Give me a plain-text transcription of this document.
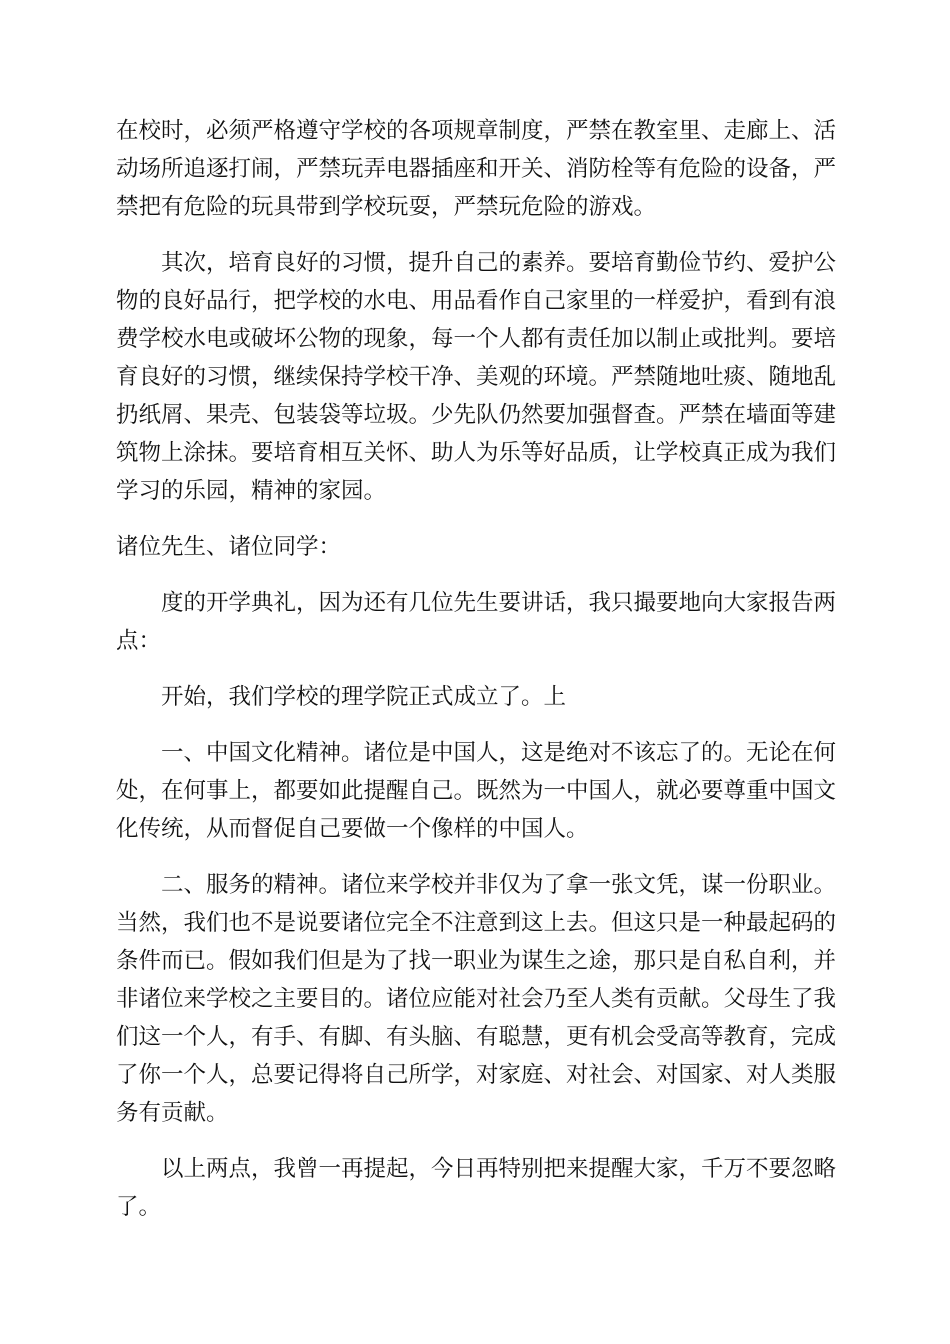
在校时，必须严格遵守学校的各项规章制度，严禁在教室里、走廊上、活动场所追逐打闹，严禁玩弄电器插座和开关、消防栓等有危险的设备，严禁把有危险的玩具带到学校玩耍，严禁玩危险的游戏。

其次，培育良好的习惯，提升自己的素养。要培育勤俭节约、爱护公物的良好品行，把学校的水电、用品看作自己家里的一样爱护，看到有浪费学校水电或破坏公物的现象，每一个人都有责任加以制止或批判。要培育良好的习惯，继续保持学校干净、美观的环境。严禁随地吐痰、随地乱扔纸屑、果壳、包装袋等垃圾。少先队仍然要加强督查。严禁在墙面等建筑物上涂抹。要培育相互关怀、助人为乐等好品质，让学校真正成为我们学习的乐园，精神的家园。

诸位先生、诸位同学：

度的开学典礼，因为还有几位先生要讲话，我只撮要地向大家报告两点：

开始，我们学校的理学院正式成立了。上

一、中国文化精神。诸位是中国人，这是绝对不该忘了的。无论在何处，在何事上，都要如此提醒自己。既然为一中国人，就必要尊重中国文化传统，从而督促自己要做一个像样的中国人。

二、服务的精神。诸位来学校并非仅为了拿一张文凭，谋一份职业。当然，我们也不是说要诸位完全不注意到这上去。但这只是一种最起码的条件而已。假如我们但是为了找一职业为谋生之途，那只是自私自利，并非诸位来学校之主要目的。诸位应能对社会乃至人类有贡献。父母生了我们这一个人，有手、有脚、有头脑、有聪慧，更有机会受高等教育，完成了你一个人，总要记得将自己所学，对家庭、对社会、对国家、对人类服务有贡献。

以上两点，我曾一再提起，今日再特别把来提醒大家，千万不要忽略了。
